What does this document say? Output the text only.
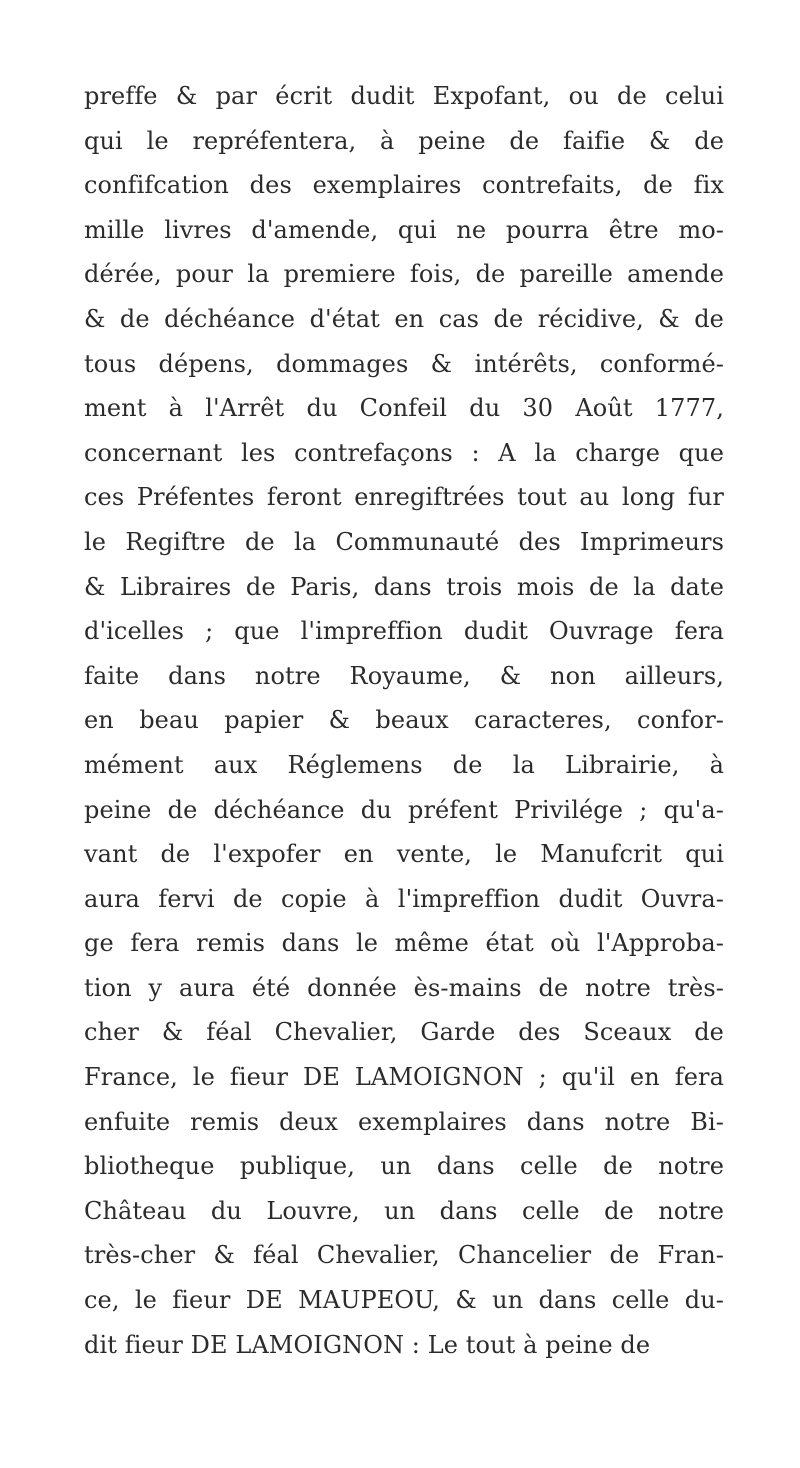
preffe & par écrit dudit Expofant, ou de celui
qui le repréfentera, à peine de faifie & de
confifcation des exemplaires contrefaits, de fix
mille livres d'amende, qui ne pourra être mo-
dérée, pour la premiere fois, de pareille amende
& de déchéance d'état en cas de récidive, & de
tous dépens, dommages & intérêts, conformé-
ment à l'Arrêt du Confeil du 30 Août 1777,
concernant les contrefaçons : A la charge que
ces Préfentes feront enregiftrées tout au long fur
le Regiftre de la Communauté des Imprimeurs
& Libraires de Paris, dans trois mois de la date
d'icelles ; que l'impreffion dudit Ouvrage fera
faite dans notre Royaume, & non ailleurs,
en beau papier & beaux caracteres, confor-
mément aux Réglemens de la Librairie, à
peine de déchéance du préfent Privilége ; qu'a-
vant de l'expofer en vente, le Manufcrit qui
aura fervi de copie à l'impreffion dudit Ouvra-
ge fera remis dans le même état où l'Approba-
tion y aura été donnée ès-mains de notre très-
cher & féal Chevalier, Garde des Sceaux de
France, le fieur DE LAMOIGNON ; qu'il en fera
enfuite remis deux exemplaires dans notre Bi-
bliotheque publique, un dans celle de notre
Château du Louvre, un dans celle de notre
très-cher & féal Chevalier, Chancelier de Fran-
ce, le fieur DE MAUPEOU, & un dans celle du-
dit fieur DE LAMOIGNON : Le tout à peine de
